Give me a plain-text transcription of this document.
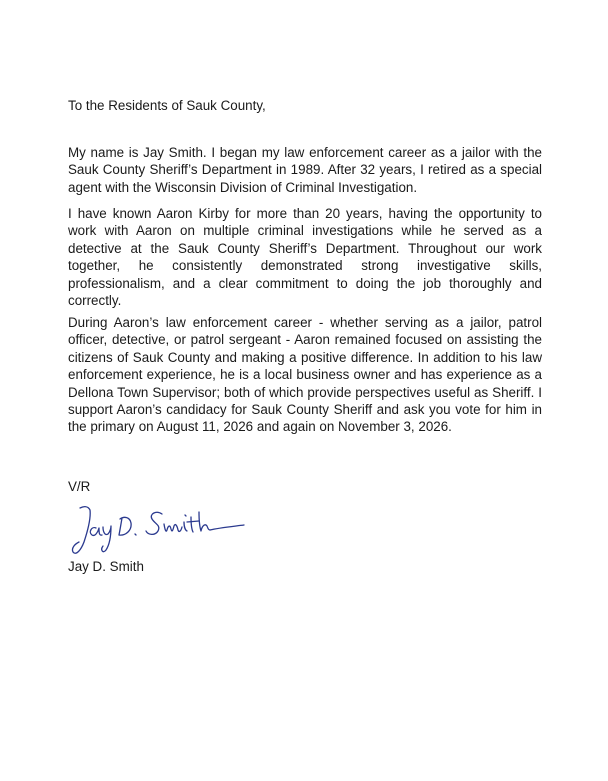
To the Residents of Sauk County,
My name is Jay Smith. I began my law enforcement career as a jailor with the Sauk County Sheriff’s Department in 1989. After 32 years, I retired as a special agent with the Wisconsin Division of Criminal Investigation.
I have known Aaron Kirby for more than 20 years, having the opportunity to work with Aaron on multiple criminal investigations while he served as a detective at the Sauk County Sheriff’s Department. Throughout our work together, he consistently demonstrated strong investigative skills, professionalism, and a clear commitment to doing the job thoroughly and correctly.
During Aaron’s law enforcement career - whether serving as a jailor, patrol officer, detective, or patrol sergeant - Aaron remained focused on assisting the citizens of Sauk County and making a positive difference. In addition to his law enforcement experience, he is a local business owner and has experience as a Dellona Town Supervisor; both of which provide perspectives useful as Sheriff. I support Aaron’s candidacy for Sauk County Sheriff and ask you vote for him in the primary on August 11, 2026 and again on November 3, 2026.
V/R
Jay D. Smith
